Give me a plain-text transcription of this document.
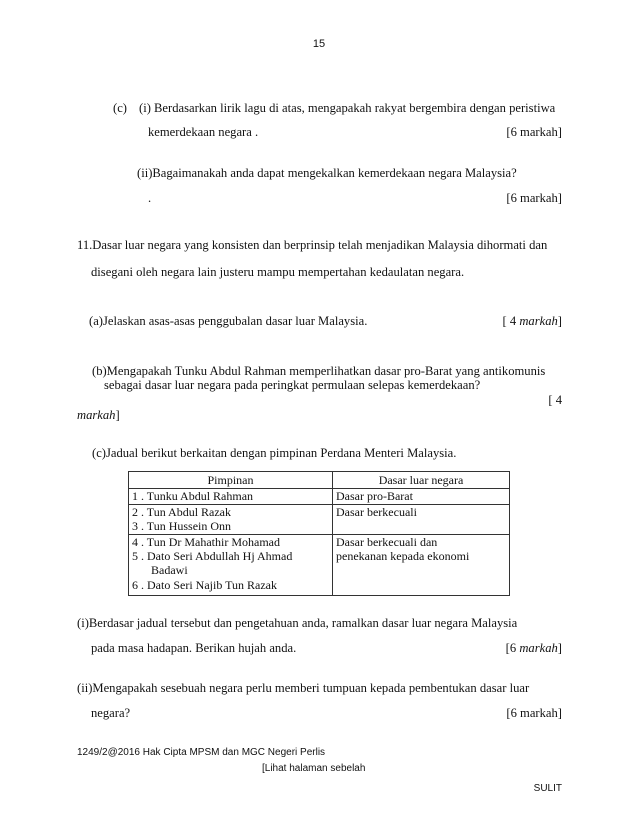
15
(c) (i) Berdasarkan lirik lagu di atas, mengapakah rakyat bergembira dengan peristiwa
kemerdekaan negara .	[6 markah]
(ii)Bagaimanakah anda dapat mengekalkan kemerdekaan negara Malaysia?
.	[6 markah]
11.Dasar luar negara yang konsisten dan berprinsip telah menjadikan Malaysia dihormati dan
disegani oleh negara lain justeru mampu mempertahan kedaulatan negara.
(a)Jelaskan asas-asas penggubalan dasar luar Malaysia.	[ 4 markah]
(b)Mengapakah Tunku Abdul Rahman memperlihatkan dasar pro-Barat yang antikomunis
sebagai dasar luar negara pada peringkat permulaan selepas kemerdekaan?
[ 4
markah]
(c)Jadual berikut berkaitan dengan pimpinan Perdana Menteri Malaysia.
Pimpinan	Dasar luar negara

1 . Tunku Abdul Rahman	Dasar pro-Barat

2 . Tun Abdul Razak
3 . Tun Hussein Onn	Dasar berkecuali

4 . Tun Dr Mahathir Mohamad
5 . Dato Seri Abdullah Hj Ahmad
Badawi
6 . Dato Seri Najib Tun Razak	Dasar berkecuali dan
penekanan kepada ekonomi
(i)Berdasar jadual tersebut dan pengetahuan anda, ramalkan dasar luar negara Malaysia
pada masa hadapan. Berikan hujah anda.	[6 markah]
(ii)Mengapakah sesebuah negara perlu memberi tumpuan kepada pembentukan dasar luar
negara?	[6 markah]
1249/2@2016 Hak Cipta MPSM dan MGC Negeri Perlis
[Lihat halaman sebelah
SULIT
